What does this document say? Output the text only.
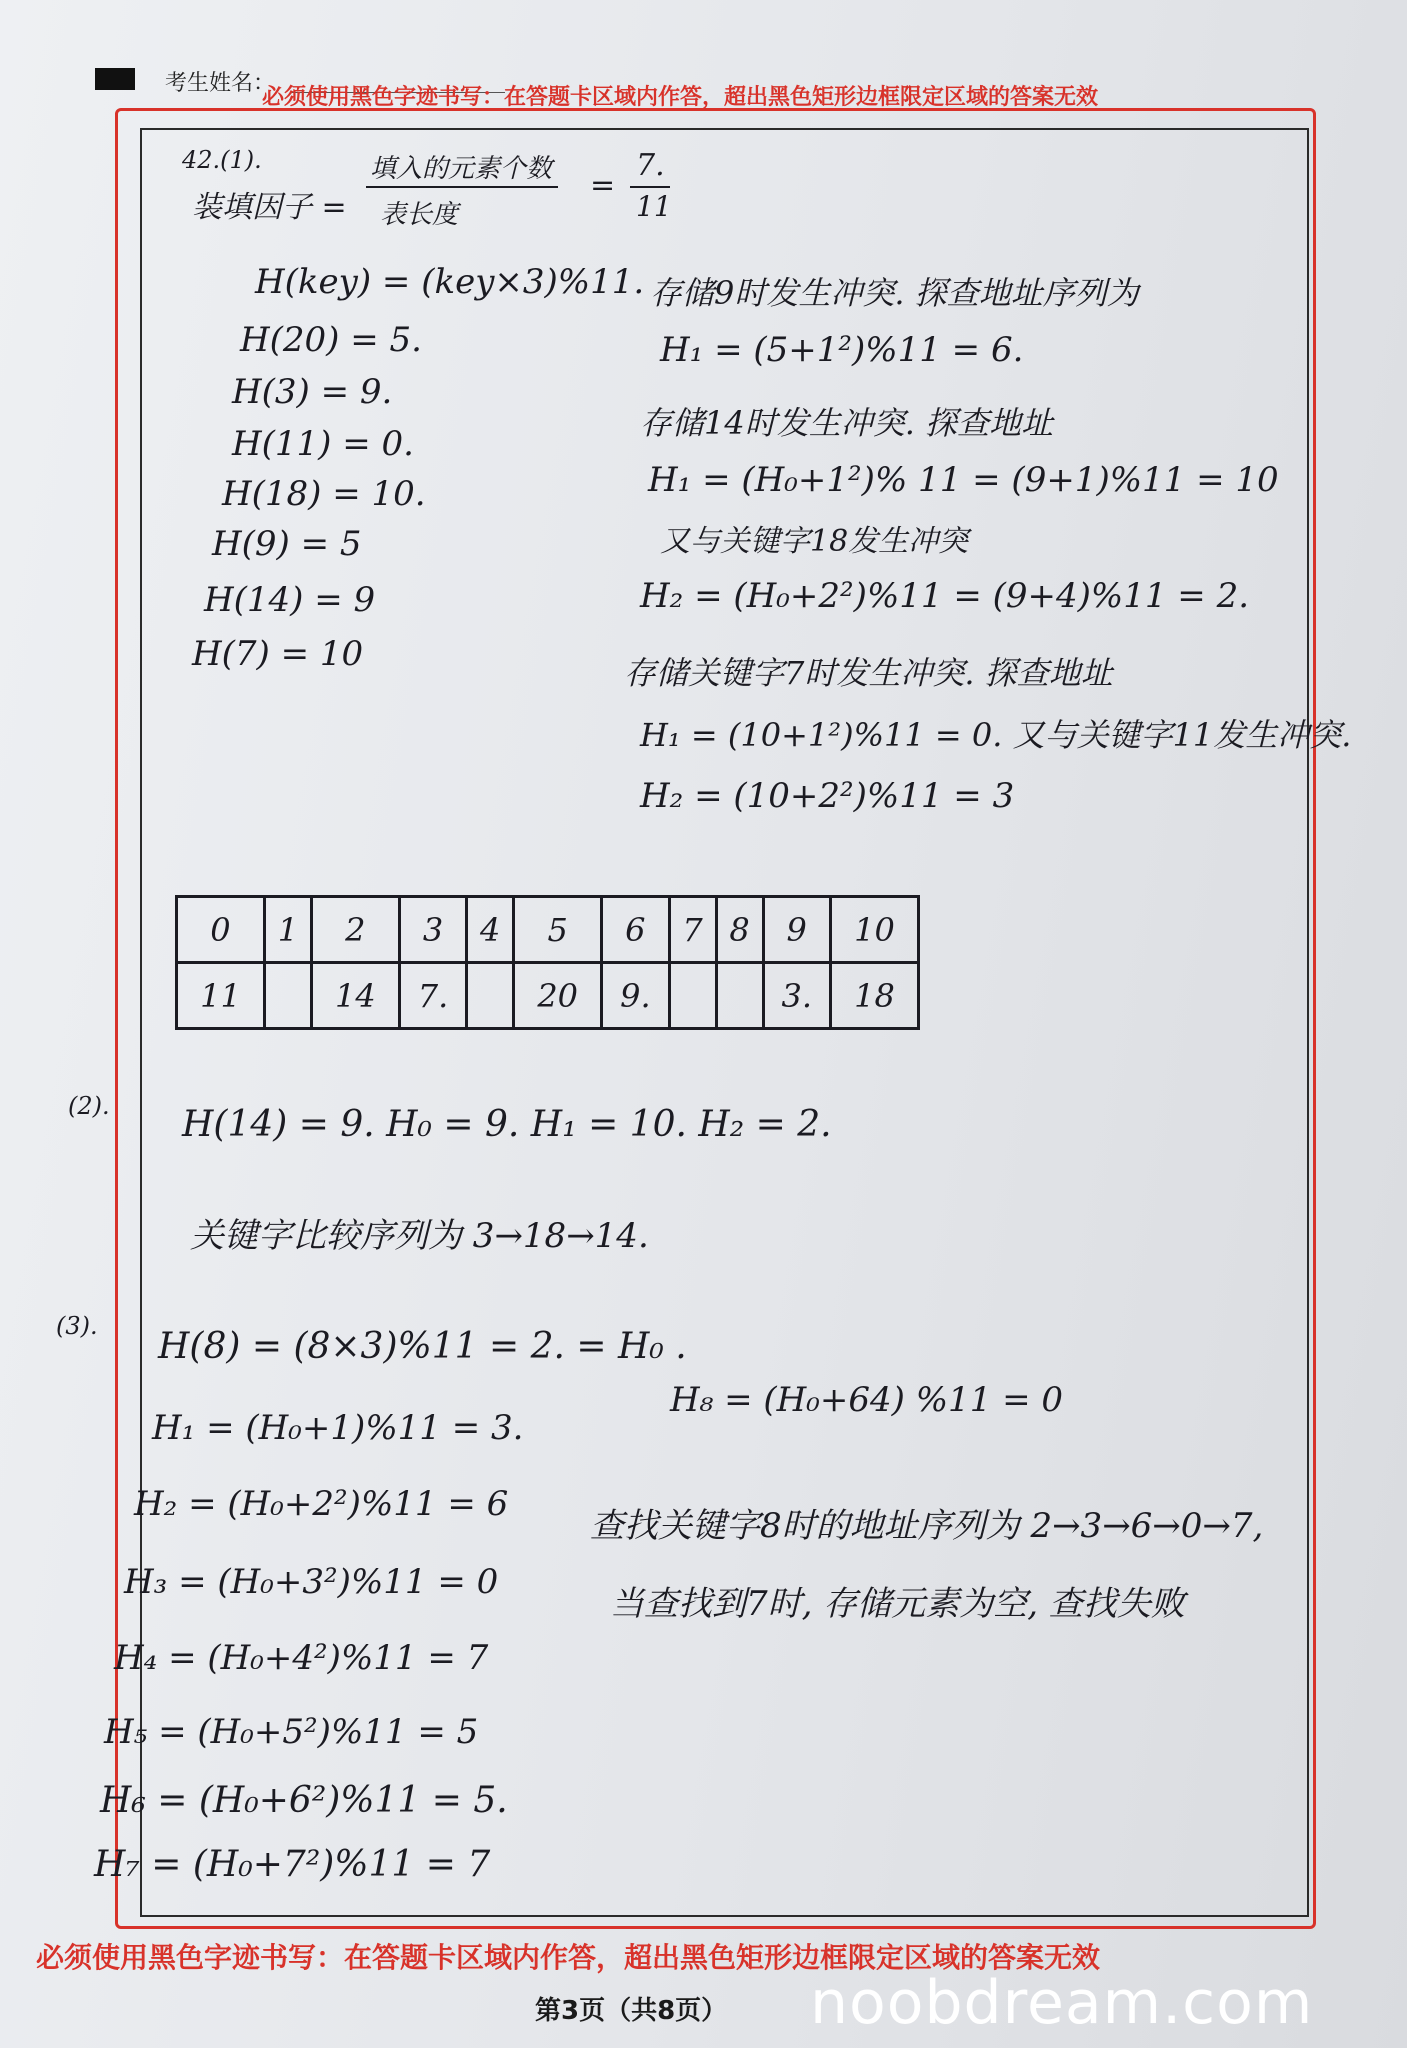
考生姓名：
必须使用黑色字迹书写：在答题卡区域内作答，超出黑色矩形边框限定区域的答案无效
42.(1).
装填因子 =
填入的元素个数
表长度
=
7.
11
H(key) = (key×3)%11.
H(20) = 5.
H(3) = 9.
H(11) = 0.
H(18) = 10.
H(9) = 5
H(14) = 9
H(7) = 10
存储9时发生冲突. 探查地址序列为
H₁ = (5+1²)%11 = 6.
存储14时发生冲突. 探查地址
H₁ = (H₀+1²)% 11 = (9+1)%11 = 10
又与关键字18发生冲突
H₂ = (H₀+2²)%11 = (9+4)%11 = 2.
存储关键字7时发生冲突. 探查地址
H₁ = (10+1²)%11 = 0. 又与关键字11发生冲突.
H₂ = (10+2²)%11 = 3
0	1	2	3	4	5	6	7	8	9	10
11		14	7.		20	9.			3.	18
(2). H(14) = 9. H₀ = 9. H₁ = 10. H₂ = 2.
关键字比较序列为 3→18→14.
(3). H(8) = (8×3)%11 = 2. = H₀ .
H₁ = (H₀+1)%11 = 3.
H₂ = (H₀+2²)%11 = 6
H₃ = (H₀+3²)%11 = 0
H₄ = (H₀+4²)%11 = 7
H₅ = (H₀+5²)%11 = 5
H₆ = (H₀+6²)%11 = 5.
H₇ = (H₀+7²)%11 = 7
H₈ = (H₀+64) %11 = 0
查找关键字8时的地址序列为 2→3→6→0→7,
当查找到7时, 存储元素为空, 查找失败
必须使用黑色字迹书写：在答题卡区域内作答，超出黑色矩形边框限定区域的答案无效
第3页（共8页） noobdream.com
